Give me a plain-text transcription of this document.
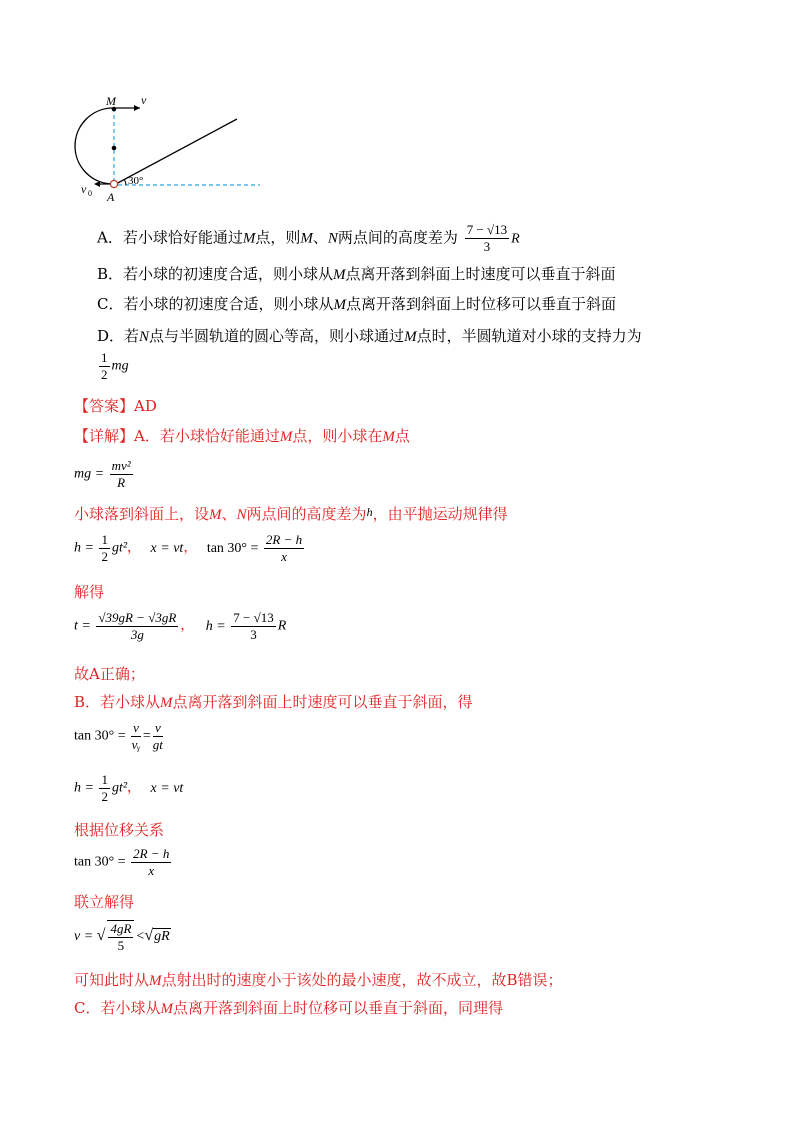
M v
v 0 A
30°
A．若小球恰好能通过M点，则M、N两点间的高度差为 $\frac{7 - √13}{3}$ R
B．若小球的初速度合适，则小球从M点离开落到斜面上时速度可以垂直于斜面
C．若小球的初速度合适，则小球从M点离开落到斜面上时位移可以垂直于斜面
D．若N点与半圆轨道的圆心等高，则小球通过M点时，半圆轨道对小球的支持力为
$\frac{1}{2}$ mg
【答案】AD
【详解】A．若小球恰好能通过M点，则小球在M点
mg = $\frac{\text{mv²}}{R}$
小球落到斜面上，设M、N两点间的高度差为$^h$，由平抛运动规律得
$h = \frac{1}{2} gt^2$， x = vt， $\tan 30^\circ = \frac{2R - h}{x}$
解得
$t = \frac{√39gR - √3gR}{3g}$ ， $h = \frac{7 - √13}{3}$ R
故A正确；
B．若小球从M点离开落到斜面上时速度可以垂直于斜面，得
$\tan 30^\circ = \frac{v}{\text{vᵧ}} = \frac{v}{gt}$
$h = \frac{1}{2} gt^2$， x = vt
根据位移关系
$\tan 30^\circ = \frac{2R - h}{x}$
联立解得
v = √ $\frac{4gR}{5} <√gR$
可知此时从M点射出时的速度小于该处的最小速度，故不成立，故B错误；
C．若小球从M点离开落到斜面上时位移可以垂直于斜面，同理得
